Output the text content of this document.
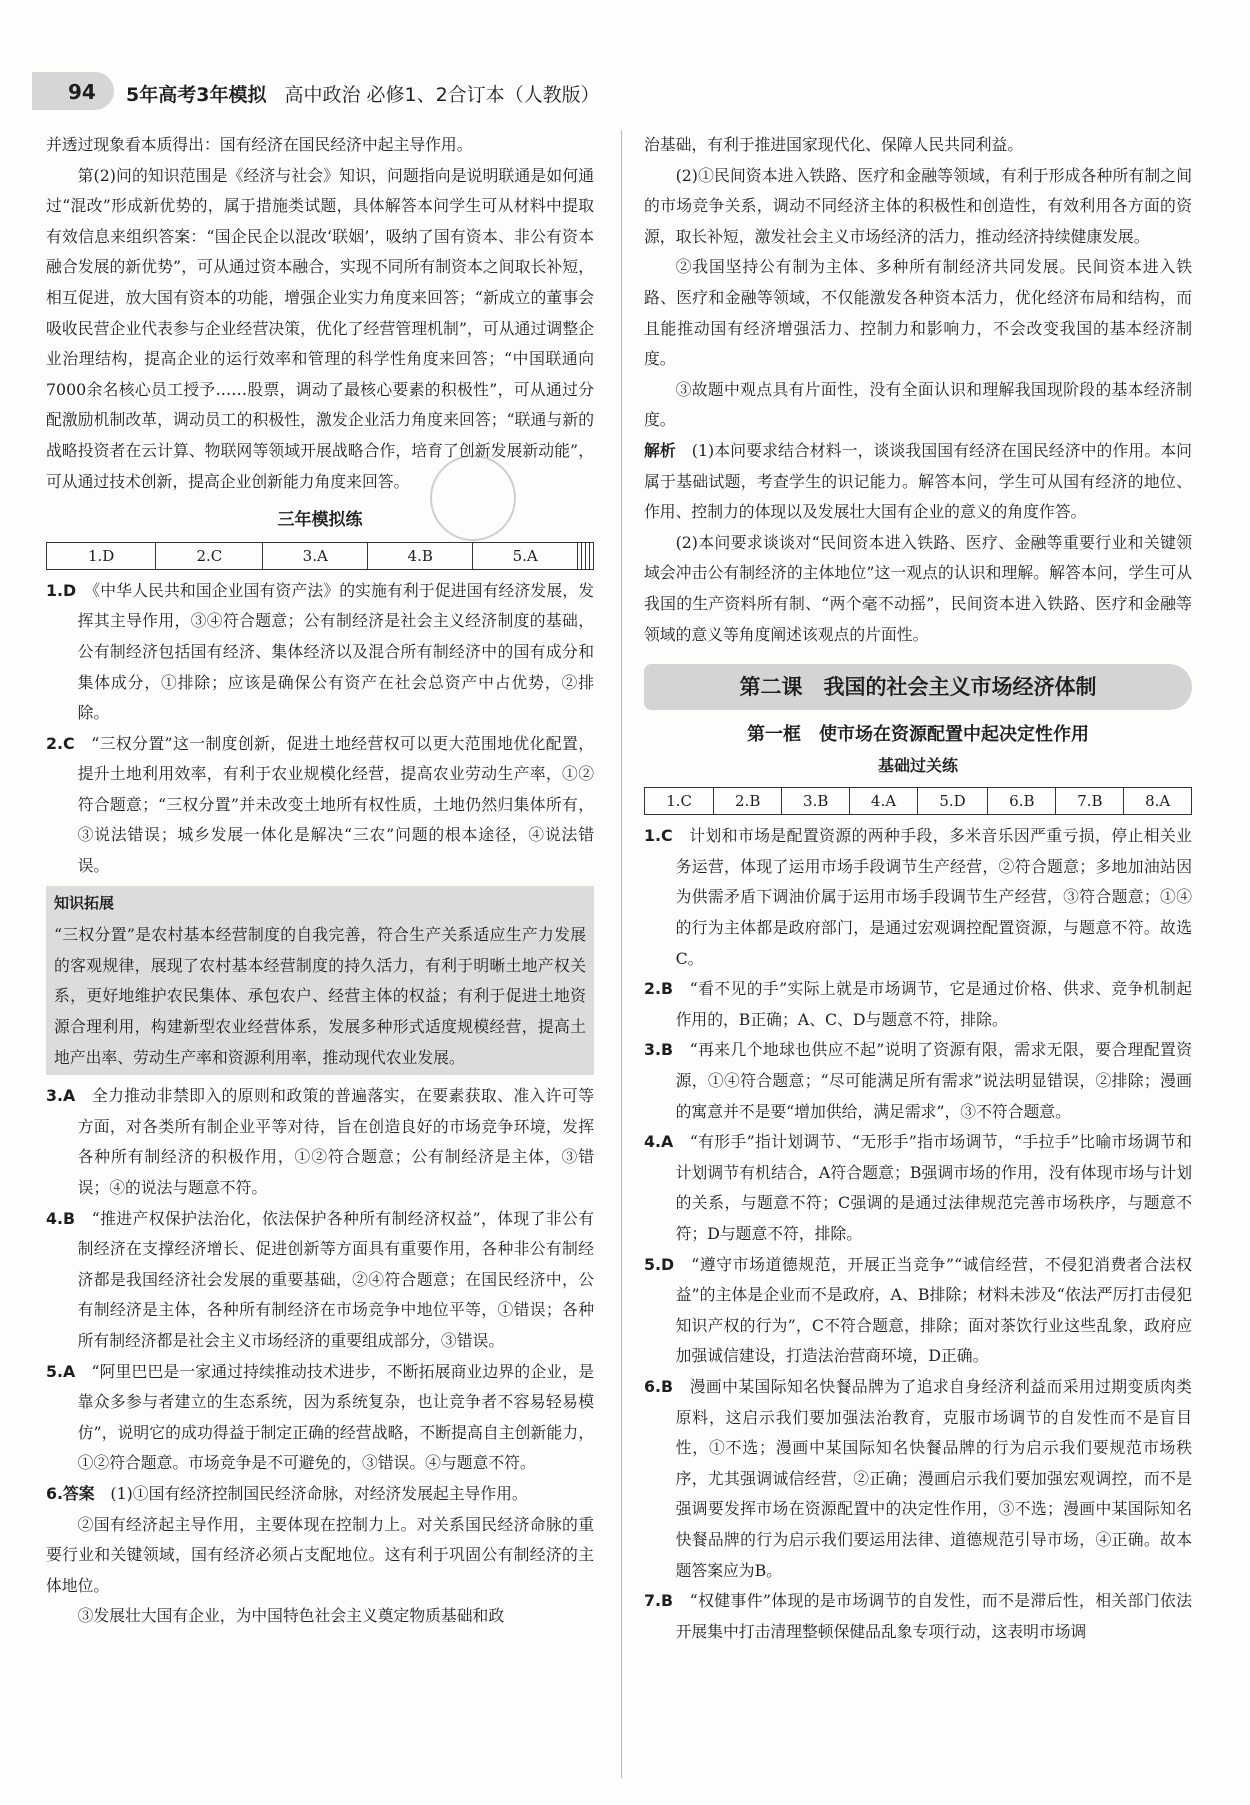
94 5年高考3年模拟 高中政治 必修1、2合订本（人教版）

并透过现象看本质得出：国有经济在国民经济中起主导作用。

第(2)问的知识范围是《经济与社会》知识，问题指向是说明联通是如何通过“混改”形成新优势的，属于措施类试题，具体解答本问学生可从材料中提取有效信息来组织答案：“国企民企以混改‘联姻’，吸纳了国有资本、非公有资本融合发展的新优势”，可从通过资本融合，实现不同所有制资本之间取长补短，相互促进，放大国有资本的功能，增强企业实力角度来回答；“新成立的董事会吸收民营企业代表参与企业经营决策，优化了经营管理机制”，可从通过调整企业治理结构，提高企业的运行效率和管理的科学性角度来回答；“中国联通向7000余名核心员工授予……股票，调动了最核心要素的积极性”，可从通过分配激励机制改革，调动员工的积极性，激发企业活力角度来回答；“联通与新的战略投资者在云计算、物联网等领域开展战略合作，培育了创新发展新动能”，可从通过技术创新，提高企业创新能力角度来回答。

三年模拟练
1.D	2.C	3.A	4.B	5.A				

1.D　 《中华人民共和国企业国有资产法》的实施有利于促进国有经济发展，发挥其主导作用，③④符合题意；公有制经济是社会主义经济制度的基础，公有制经济包括国有经济、集体经济以及混合所有制经济中的国有成分和集体成分，①排除；应该是确保公有资产在社会总资产中占优势，②排除。

2.C　 “三权分置”这一制度创新，促进土地经营权可以更大范围地优化配置，提升土地利用效率，有利于农业规模化经营，提高农业劳动生产率，①②符合题意；“三权分置”并未改变土地所有权性质，土地仍然归集体所有，③说法错误；城乡发展一体化是解决“三农”问题的根本途径，④说法错误。

知识拓展

“三权分置”是农村基本经营制度的自我完善，符合生产关系适应生产力发展的客观规律，展现了农村基本经营制度的持久活力，有利于明晰土地产权关系，更好地维护农民集体、承包农户、经营主体的权益；有利于促进土地资源合理利用，构建新型农业经营体系，发展多种形式适度规模经营，提高土地产出率、劳动生产率和资源利用率，推动现代农业发展。

3.A　 全力推动非禁即入的原则和政策的普遍落实，在要素获取、准入许可等方面，对各类所有制企业平等对待，旨在创造良好的市场竞争环境，发挥各种所有制经济的积极作用，①②符合题意；公有制经济是主体，③错误；④的说法与题意不符。

4.B　 “推进产权保护法治化，依法保护各种所有制经济权益”，体现了非公有制经济在支撑经济增长、促进创新等方面具有重要作用，各种非公有制经济都是我国经济社会发展的重要基础，②④符合题意；在国民经济中，公有制经济是主体，各种所有制经济在市场竞争中地位平等，①错误；各种所有制经济都是社会主义市场经济的重要组成部分，③错误。

5.A　 “阿里巴巴是一家通过持续推动技术进步，不断拓展商业边界的企业，是靠众多参与者建立的生态系统，因为系统复杂，也让竞争者不容易轻易模仿”，说明它的成功得益于制定正确的经营战略，不断提高自主创新能力，①②符合题意。市场竞争是不可避免的，③错误。④与题意不符。

6.答案　 (1)①国有经济控制国民经济命脉，对经济发展起主导作用。

②国有经济起主导作用，主要体现在控制力上。对关系国民经济命脉的重要行业和关键领域，国有经济必须占支配地位。这有利于巩固公有制经济的主体地位。

③发展壮大国有企业，为中国特色社会主义奠定物质基础和政

治基础，有利于推进国家现代化、保障人民共同利益。

(2)①民间资本进入铁路、医疗和金融等领域，有利于形成各种所有制之间的市场竞争关系，调动不同经济主体的积极性和创造性，有效利用各方面的资源，取长补短，激发社会主义市场经济的活力，推动经济持续健康发展。

②我国坚持公有制为主体、多种所有制经济共同发展。民间资本进入铁路、医疗和金融等领域，不仅能激发各种资本活力，优化经济布局和结构，而且能推动国有经济增强活力、控制力和影响力，不会改变我国的基本经济制度。

③故题中观点具有片面性，没有全面认识和理解我国现阶段的基本经济制度。

解析　 (1)本问要求结合材料一，谈谈我国国有经济在国民经济中的作用。本问属于基础试题，考查学生的识记能力。解答本问，学生可从国有经济的地位、作用、控制力的体现以及发展壮大国有企业的意义的角度作答。

(2)本问要求谈谈对“民间资本进入铁路、医疗、金融等重要行业和关键领域会冲击公有制经济的主体地位”这一观点的认识和理解。解答本问，学生可从我国的生产资料所有制、“两个毫不动摇”，民间资本进入铁路、医疗和金融等领域的意义等角度阐述该观点的片面性。

第二课　我国的社会主义市场经济体制
第一框　使市场在资源配置中起决定性作用
基础过关练
1.C	2.B	3.B	4.A	5.D	6.B	7.B	8.A

1.C　 计划和市场是配置资源的两种手段，多米音乐因严重亏损，停止相关业务运营，体现了运用市场手段调节生产经营，②符合题意；多地加油站因为供需矛盾下调油价属于运用市场手段调节生产经营，③符合题意；①④的行为主体都是政府部门，是通过宏观调控配置资源，与题意不符。故选C。

2.B　 “看不见的手”实际上就是市场调节，它是通过价格、供求、竞争机制起作用的，B正确；A、C、D与题意不符，排除。

3.B　 “再来几个地球也供应不起”说明了资源有限，需求无限，要合理配置资源，①④符合题意；“尽可能满足所有需求”说法明显错误，②排除；漫画的寓意并不是要“增加供给，满足需求”，③不符合题意。

4.A　 “有形手”指计划调节、“无形手”指市场调节，“手拉手”比喻市场调节和计划调节有机结合，A符合题意；B强调市场的作用，没有体现市场与计划的关系，与题意不符；C强调的是通过法律规范完善市场秩序，与题意不符；D与题意不符，排除。

5.D　 “遵守市场道德规范，开展正当竞争”“诚信经营，不侵犯消费者合法权益”的主体是企业而不是政府，A、B排除；材料未涉及“依法严厉打击侵犯知识产权的行为”，C不符合题意，排除；面对茶饮行业这些乱象，政府应加强诚信建设，打造法治营商环境，D正确。

6.B　 漫画中某国际知名快餐品牌为了追求自身经济利益而采用过期变质肉类原料，这启示我们要加强法治教育，克服市场调节的自发性而不是盲目性，①不选；漫画中某国际知名快餐品牌的行为启示我们要规范市场秩序，尤其强调诚信经营，②正确；漫画启示我们要加强宏观调控，而不是强调要发挥市场在资源配置中的决定性作用，③不选；漫画中某国际知名快餐品牌的行为启示我们要运用法律、道德规范引导市场，④正确。故本题答案应为B。

7.B　 “权健事件”体现的是市场调节的自发性，而不是滞后性，相关部门依法开展集中打击清理整顿保健品乱象专项行动，这表明市场调
